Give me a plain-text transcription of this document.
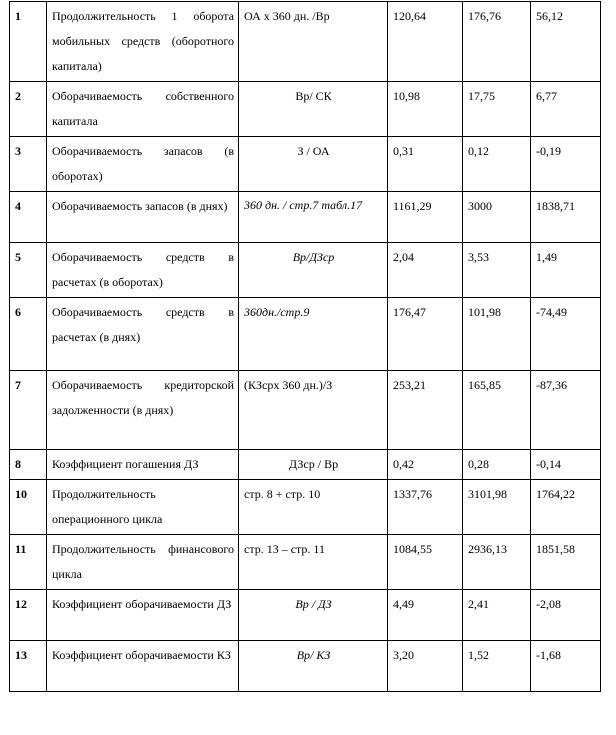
1	Продолжительность 1 оборота мобильных средств (оборотного капитала)	ОА х 360 дн. /Вр	120,64	176,76	56,12
2	Оборачиваемость собственного капитала	Вр/ СК	10,98	17,75	6,77
3	Оборачиваемость запасов (в оборотах)	З / ОА	0,31	0,12	-0,19
4	Оборачиваемость запасов (в днях)	360 дн. / стр.7 табл.17	1161,29	3000	1838,71
5	Оборачиваемость средств в расчетах (в оборотах)	Вр/ДЗср	2,04	3,53	1,49
6	Оборачиваемость средств в расчетах (в днях)	360дн./стр.9	176,47	101,98	-74,49
7	Оборачиваемость кредиторской задолженности (в днях)	(КЗсрх 360 дн.)/З	253,21	165,85	-87,36
8	Коэффициент погашения ДЗ	ДЗср / Вр	0,42	0,28	-0,14
10	Продолжительность операционного цикла	стр. 8 + стр. 10	1337,76	3101,98	1764,22
11	Продолжительность финансового цикла	стр. 13 – стр. 11	1084,55	2936,13	1851,58
12	Коэффициент оборачиваемости ДЗ	Вр / ДЗ	4,49	2,41	-2,08
13	Коэффициент оборачиваемости КЗ	Вр/ КЗ	3,20	1,52	-1,68
